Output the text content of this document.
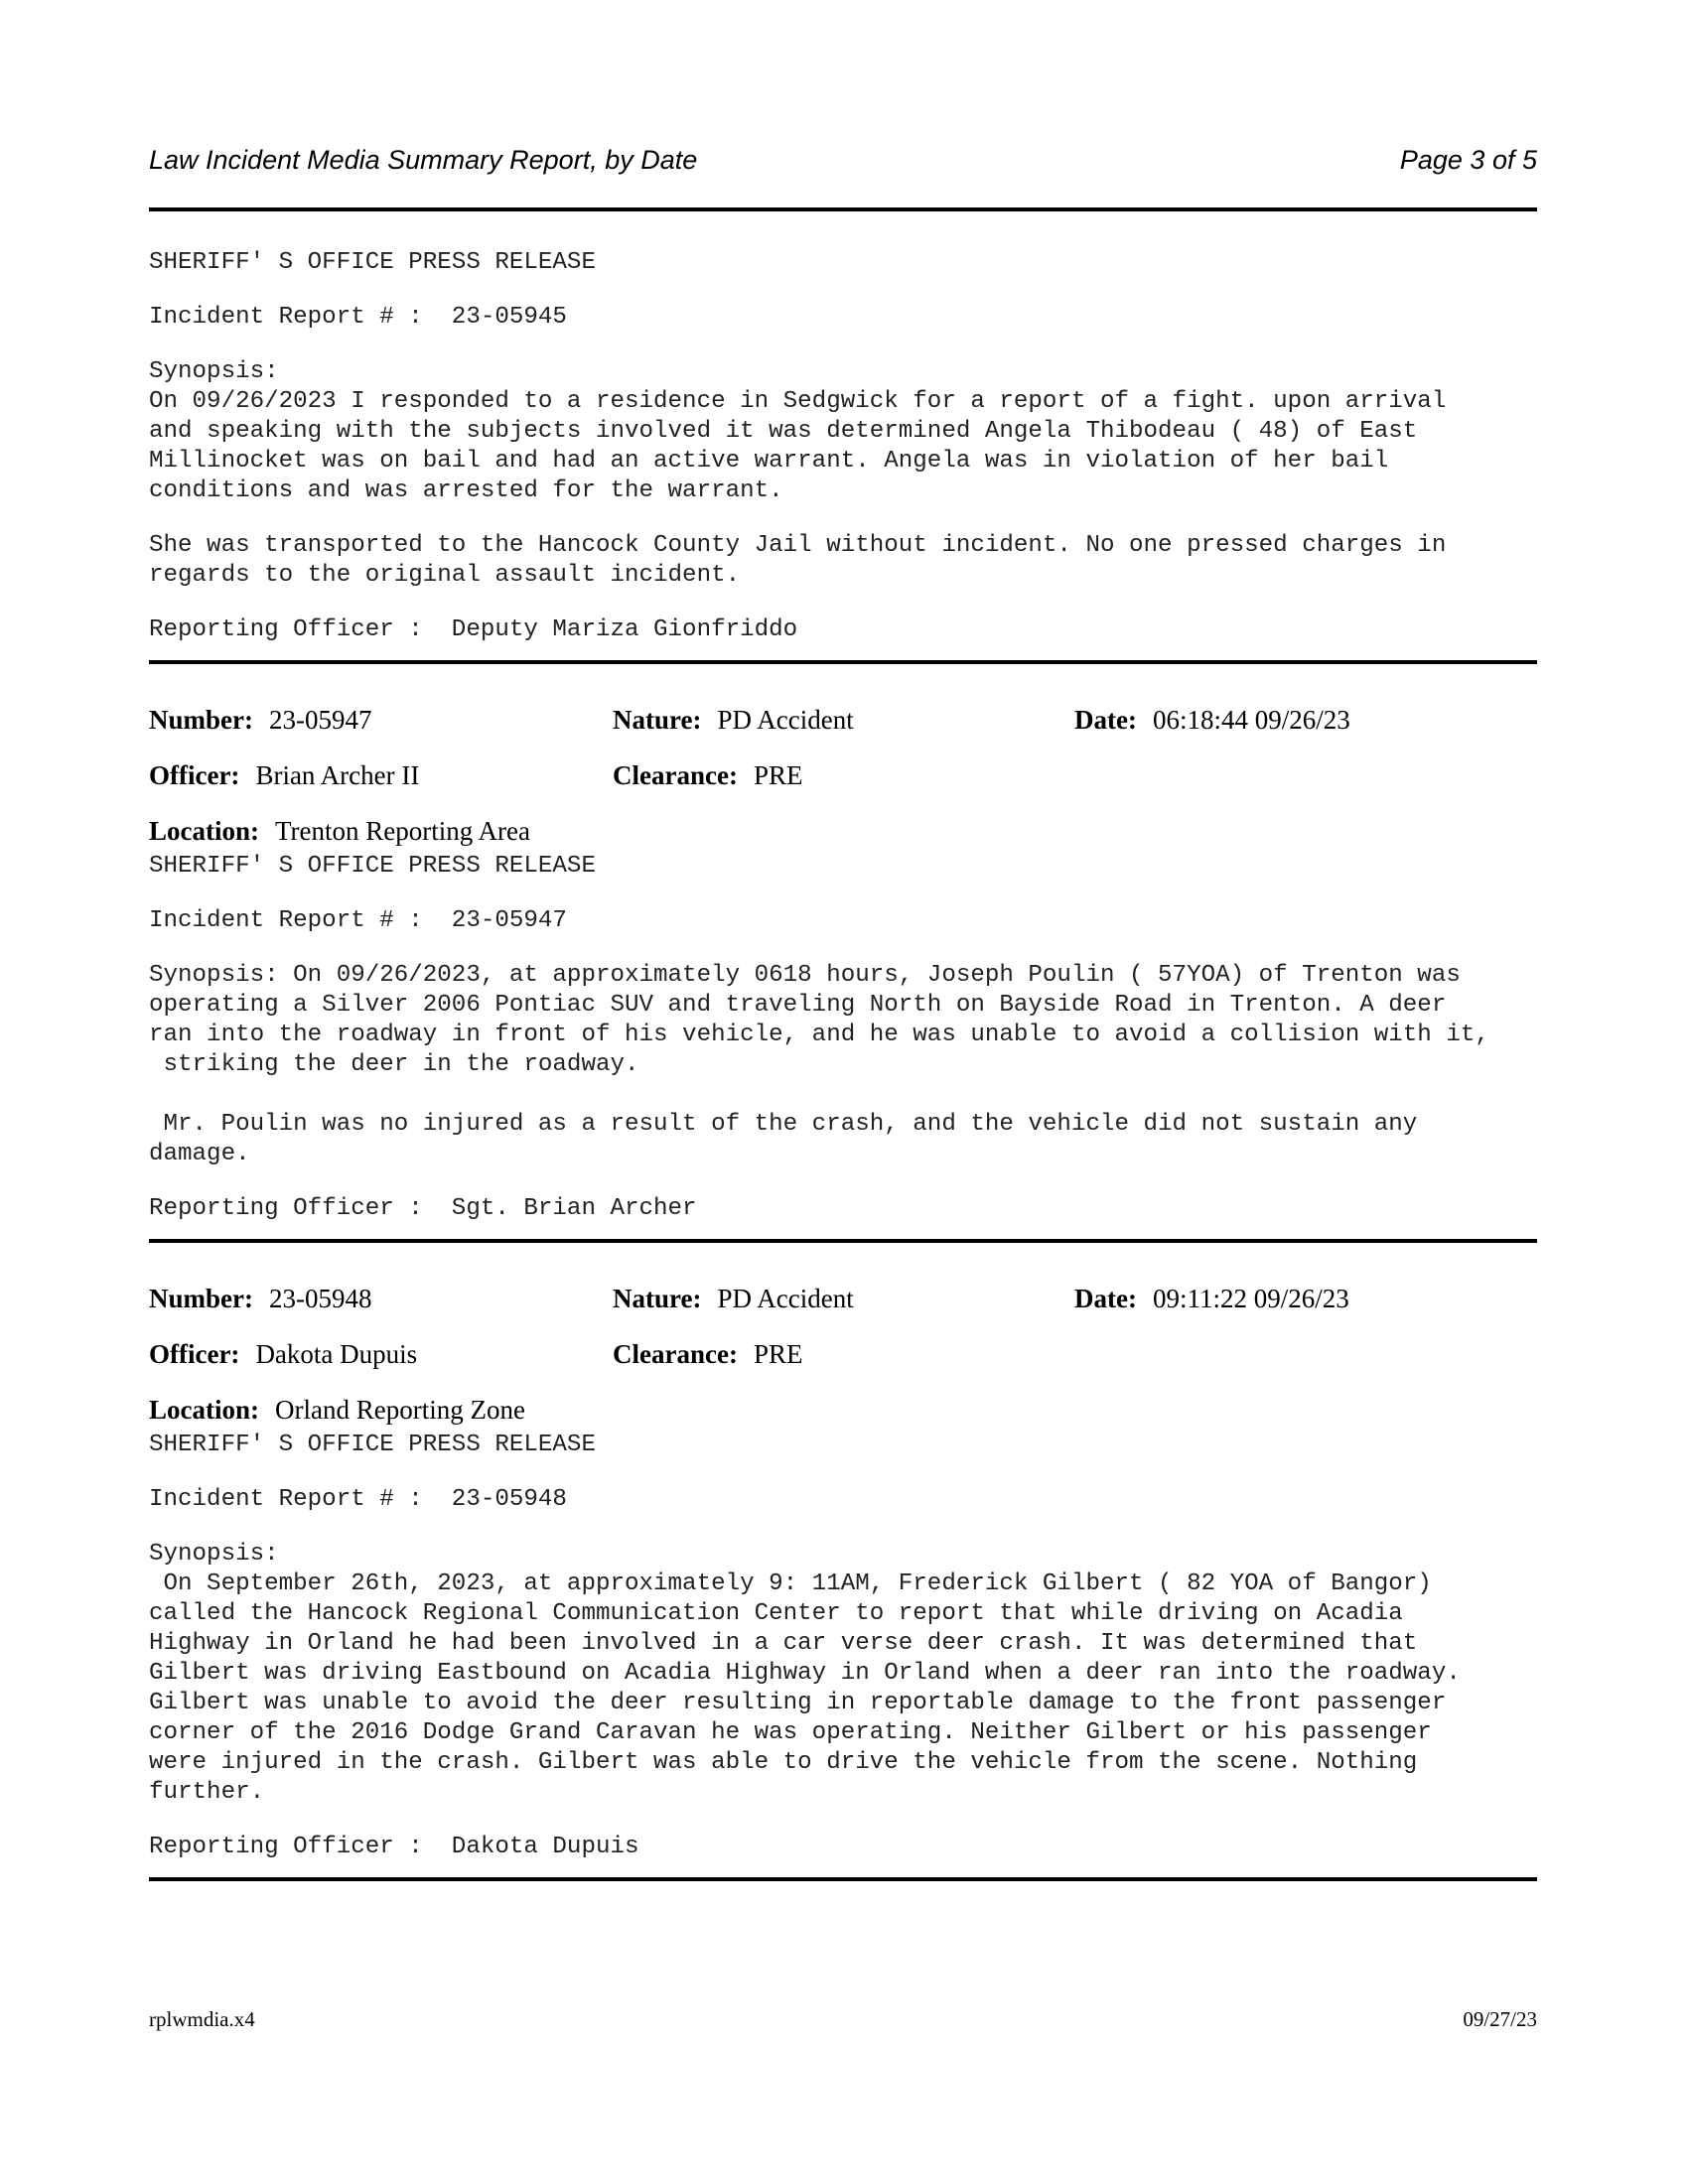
Law Incident Media Summary Report, by Date	Page 3 of 5
SHERIFF' S OFFICE PRESS RELEASE
Incident Report # :  23-05945
Synopsis:
On 09/26/2023 I responded to a residence in Sedgwick for a report of a fight. upon arrival
and speaking with the subjects involved it was determined Angela Thibodeau ( 48) of East
Millinocket was on bail and had an active warrant. Angela was in violation of her bail
conditions and was arrested for the warrant.
She was transported to the Hancock County Jail without incident. No one pressed charges in
regards to the original assault incident.
Reporting Officer :  Deputy Mariza Gionfriddo
Number: 23-05947	Nature: PD Accident	Date: 06:18:44 09/26/23
Officer: Brian Archer II	Clearance: PRE
Location: Trenton Reporting Area
SHERIFF' S OFFICE PRESS RELEASE
Incident Report # :  23-05947
Synopsis: On 09/26/2023, at approximately 0618 hours, Joseph Poulin ( 57YOA) of Trenton was
operating a Silver 2006 Pontiac SUV and traveling North on Bayside Road in Trenton. A deer
ran into the roadway in front of his vehicle, and he was unable to avoid a collision with it,
striking the deer in the roadway.
Mr. Poulin was no injured as a result of the crash, and the vehicle did not sustain any
damage.
Reporting Officer :  Sgt. Brian Archer
Number: 23-05948	Nature: PD Accident	Date: 09:11:22 09/26/23
Officer: Dakota Dupuis	Clearance: PRE
Location: Orland Reporting Zone
SHERIFF' S OFFICE PRESS RELEASE
Incident Report # :  23-05948
Synopsis:
On September 26th, 2023, at approximately 9: 11AM, Frederick Gilbert ( 82 YOA of Bangor)
called the Hancock Regional Communication Center to report that while driving on Acadia
Highway in Orland he had been involved in a car verse deer crash. It was determined that
Gilbert was driving Eastbound on Acadia Highway in Orland when a deer ran into the roadway.
Gilbert was unable to avoid the deer resulting in reportable damage to the front passenger
corner of the 2016 Dodge Grand Caravan he was operating. Neither Gilbert or his passenger
were injured in the crash. Gilbert was able to drive the vehicle from the scene. Nothing
further.
Reporting Officer :  Dakota Dupuis
rplwmdia.x4	09/27/23
